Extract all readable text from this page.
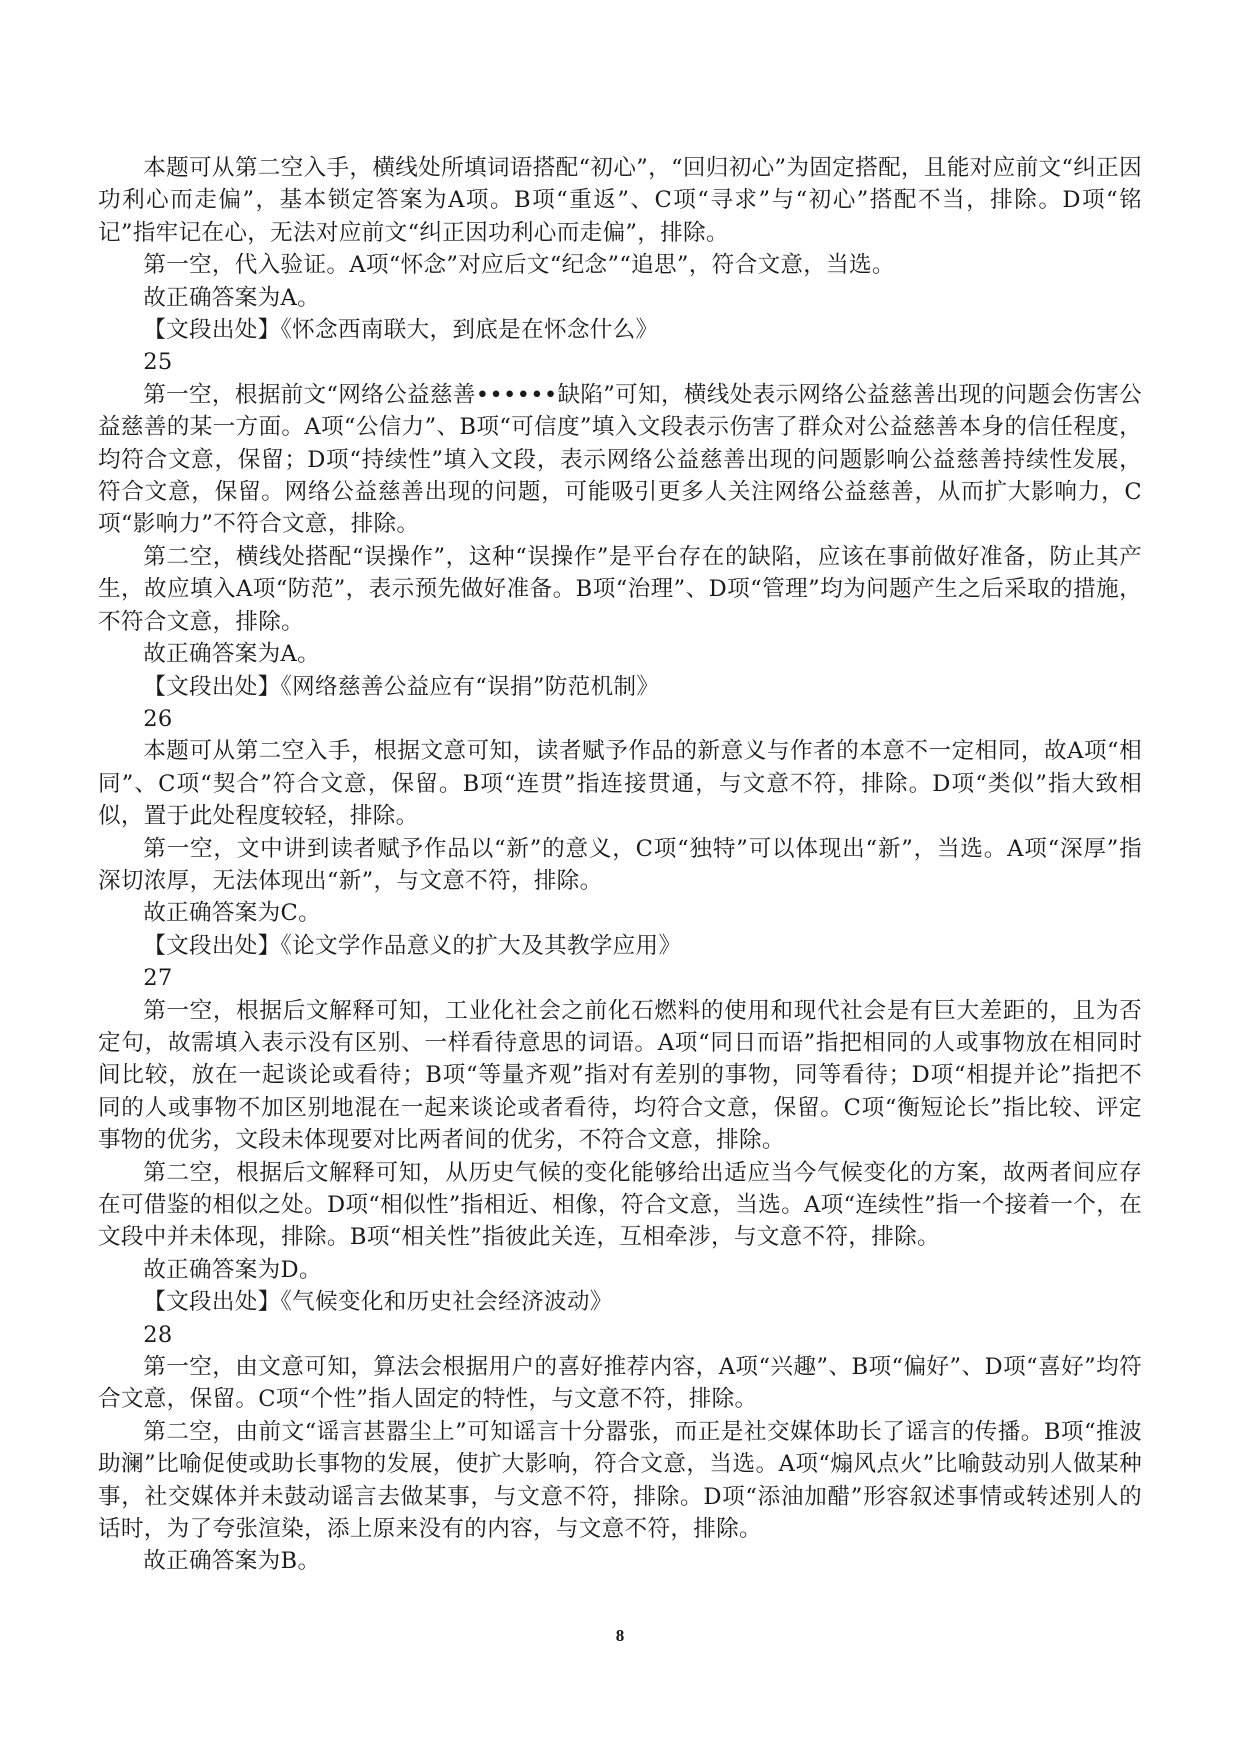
本题可从第二空入手，横线处所填词语搭配“初心”，“回归初心”为固定搭配，且能对应前文“纠正因功利心而走偏”，基本锁定答案为A项。B项“重返”、C项“寻求”与“初心”搭配不当，排除。D项“铭记”指牢记在心，无法对应前文“纠正因功利心而走偏”，排除。

第一空，代入验证。A项“怀念”对应后文“纪念”“追思”，符合文意，当选。

故正确答案为A。

【文段出处】《怀念西南联大，到底是在怀念什么》

25

第一空，根据前文“网络公益慈善••••••缺陷”可知，横线处表示网络公益慈善出现的问题会伤害公益慈善的某一方面。A项“公信力”、B项“可信度”填入文段表示伤害了群众对公益慈善本身的信任程度，均符合文意，保留；D项“持续性”填入文段，表示网络公益慈善出现的问题影响公益慈善持续性发展，符合文意，保留。网络公益慈善出现的问题，可能吸引更多人关注网络公益慈善，从而扩大影响力，C项“影响力”不符合文意，排除。

第二空，横线处搭配“误操作”，这种“误操作”是平台存在的缺陷，应该在事前做好准备，防止其产生，故应填入A项“防范”，表示预先做好准备。B项“治理”、D项“管理”均为问题产生之后采取的措施，不符合文意，排除。

故正确答案为A。

【文段出处】《网络慈善公益应有“误捐”防范机制》

26

本题可从第二空入手，根据文意可知，读者赋予作品的新意义与作者的本意不一定相同，故A项“相同”、C项“契合”符合文意，保留。B项“连贯”指连接贯通，与文意不符，排除。D项“类似”指大致相似，置于此处程度较轻，排除。

第一空，文中讲到读者赋予作品以“新”的意义，C项“独特”可以体现出“新”，当选。A项“深厚”指深切浓厚，无法体现出“新”，与文意不符，排除。

故正确答案为C。

【文段出处】《论文学作品意义的扩大及其教学应用》

27

第一空，根据后文解释可知，工业化社会之前化石燃料的使用和现代社会是有巨大差距的，且为否定句，故需填入表示没有区别、一样看待意思的词语。A项“同日而语”指把相同的人或事物放在相同时间比较，放在一起谈论或看待；B项“等量齐观”指对有差别的事物，同等看待；D项“相提并论”指把不同的人或事物不加区别地混在一起来谈论或者看待，均符合文意，保留。C项“衡短论长”指比较、评定事物的优劣，文段未体现要对比两者间的优劣，不符合文意，排除。

第二空，根据后文解释可知，从历史气候的变化能够给出适应当今气候变化的方案，故两者间应存在可借鉴的相似之处。D项“相似性”指相近、相像，符合文意，当选。A项“连续性”指一个接着一个，在文段中并未体现，排除。B项“相关性”指彼此关连，互相牵涉，与文意不符，排除。

故正确答案为D。

【文段出处】《气候变化和历史社会经济波动》

28

第一空，由文意可知，算法会根据用户的喜好推荐内容，A项“兴趣”、B项“偏好”、D项“喜好”均符合文意，保留。C项“个性”指人固定的特性，与文意不符，排除。

第二空，由前文“谣言甚嚣尘上”可知谣言十分嚣张，而正是社交媒体助长了谣言的传播。B项“推波助澜”比喻促使或助长事物的发展，使扩大影响，符合文意，当选。A项“煽风点火”比喻鼓动别人做某种事，社交媒体并未鼓动谣言去做某事，与文意不符，排除。D项“添油加醋”形容叙述事情或转述别人的话时，为了夸张渲染，添上原来没有的内容，与文意不符，排除。

故正确答案为B。

8
